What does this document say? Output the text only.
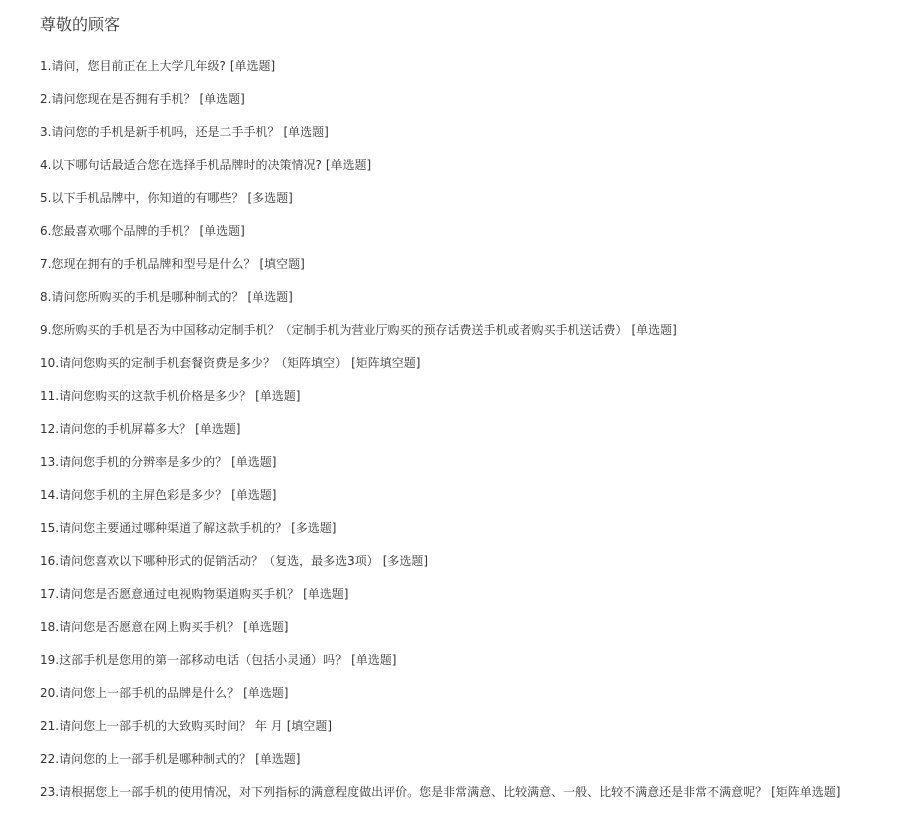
尊敬的顾客
1.请问，您目前正在上大学几年级? [单选题]
2.请问您现在是否拥有手机？ [单选题]
3.请问您的手机是新手机吗，还是二手手机？ [单选题]
4.以下哪句话最适合您在选择手机品牌时的决策情况? [单选题]
5.以下手机品牌中，你知道的有哪些？ [多选题]
6.您最喜欢哪个品牌的手机？ [单选题]
7.您现在拥有的手机品牌和型号是什么？ [填空题]
8.请问您所购买的手机是哪种制式的？ [单选题]
9.您所购买的手机是否为中国移动定制手机？（定制手机为营业厅购买的预存话费送手机或者购买手机送话费） [单选题]
10.请问您购买的定制手机套餐资费是多少？（矩阵填空） [矩阵填空题]
11.请问您购买的这款手机价格是多少？ [单选题]
12.请问您的手机屏幕多大？ [单选题]
13.请问您手机的分辨率是多少的？ [单选题]
14.请问您手机的主屏色彩是多少？ [单选题]
15.请问您主要通过哪种渠道了解这款手机的？ [多选题]
16.请问您喜欢以下哪种形式的促销活动？（复选，最多选3项） [多选题]
17.请问您是否愿意通过电视购物渠道购买手机？ [单选题]
18.请问您是否愿意在网上购买手机？ [单选题]
19.这部手机是您用的第一部移动电话（包括小灵通）吗？ [单选题]
20.请问您上一部手机的品牌是什么？ [单选题]
21.请问您上一部手机的大致购买时间？ 年 月 [填空题]
22.请问您的上一部手机是哪种制式的？ [单选题]
23.请根据您上一部手机的使用情况，对下列指标的满意程度做出评价。您是非常满意、比较满意、一般、比较不满意还是非常不满意呢？ [矩阵单选题]
